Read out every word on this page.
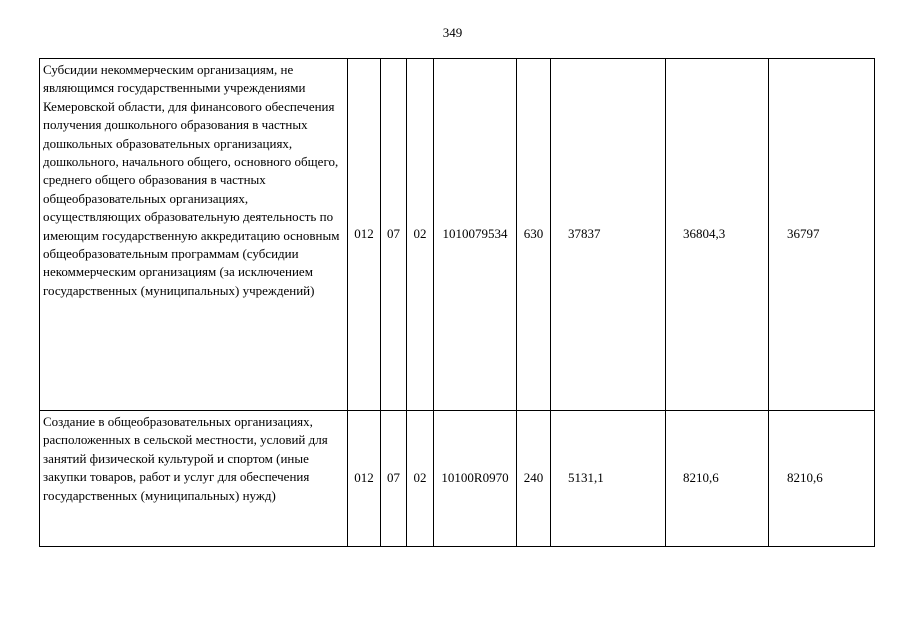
349
Субсидии некоммерческим организациям, не являющимся государственными учреждениями Кемеровской области, для финансового обеспечения получения дошкольного образования в частных дошкольных образовательных организациях, дошкольного, начального общего, основного общего, среднего общего образования в частных общеобразовательных организациях, осуществляющих образовательную деятельность по имеющим государственную аккредитацию основным общеобразовательным программам (субсидии некоммерческим организациям (за исключением государственных (муниципальных) учреждений)	012	07	02	1010079534	630	37837	36804,3	36797
Создание в общеобразовательных организациях, расположенных в сельской местности, условий для занятий физической культурой и спортом (иные закупки товаров, работ и услуг для обеспечения государственных (муниципальных) нужд)	012	07	02	10100R0970	240	5131,1	8210,6	8210,6
